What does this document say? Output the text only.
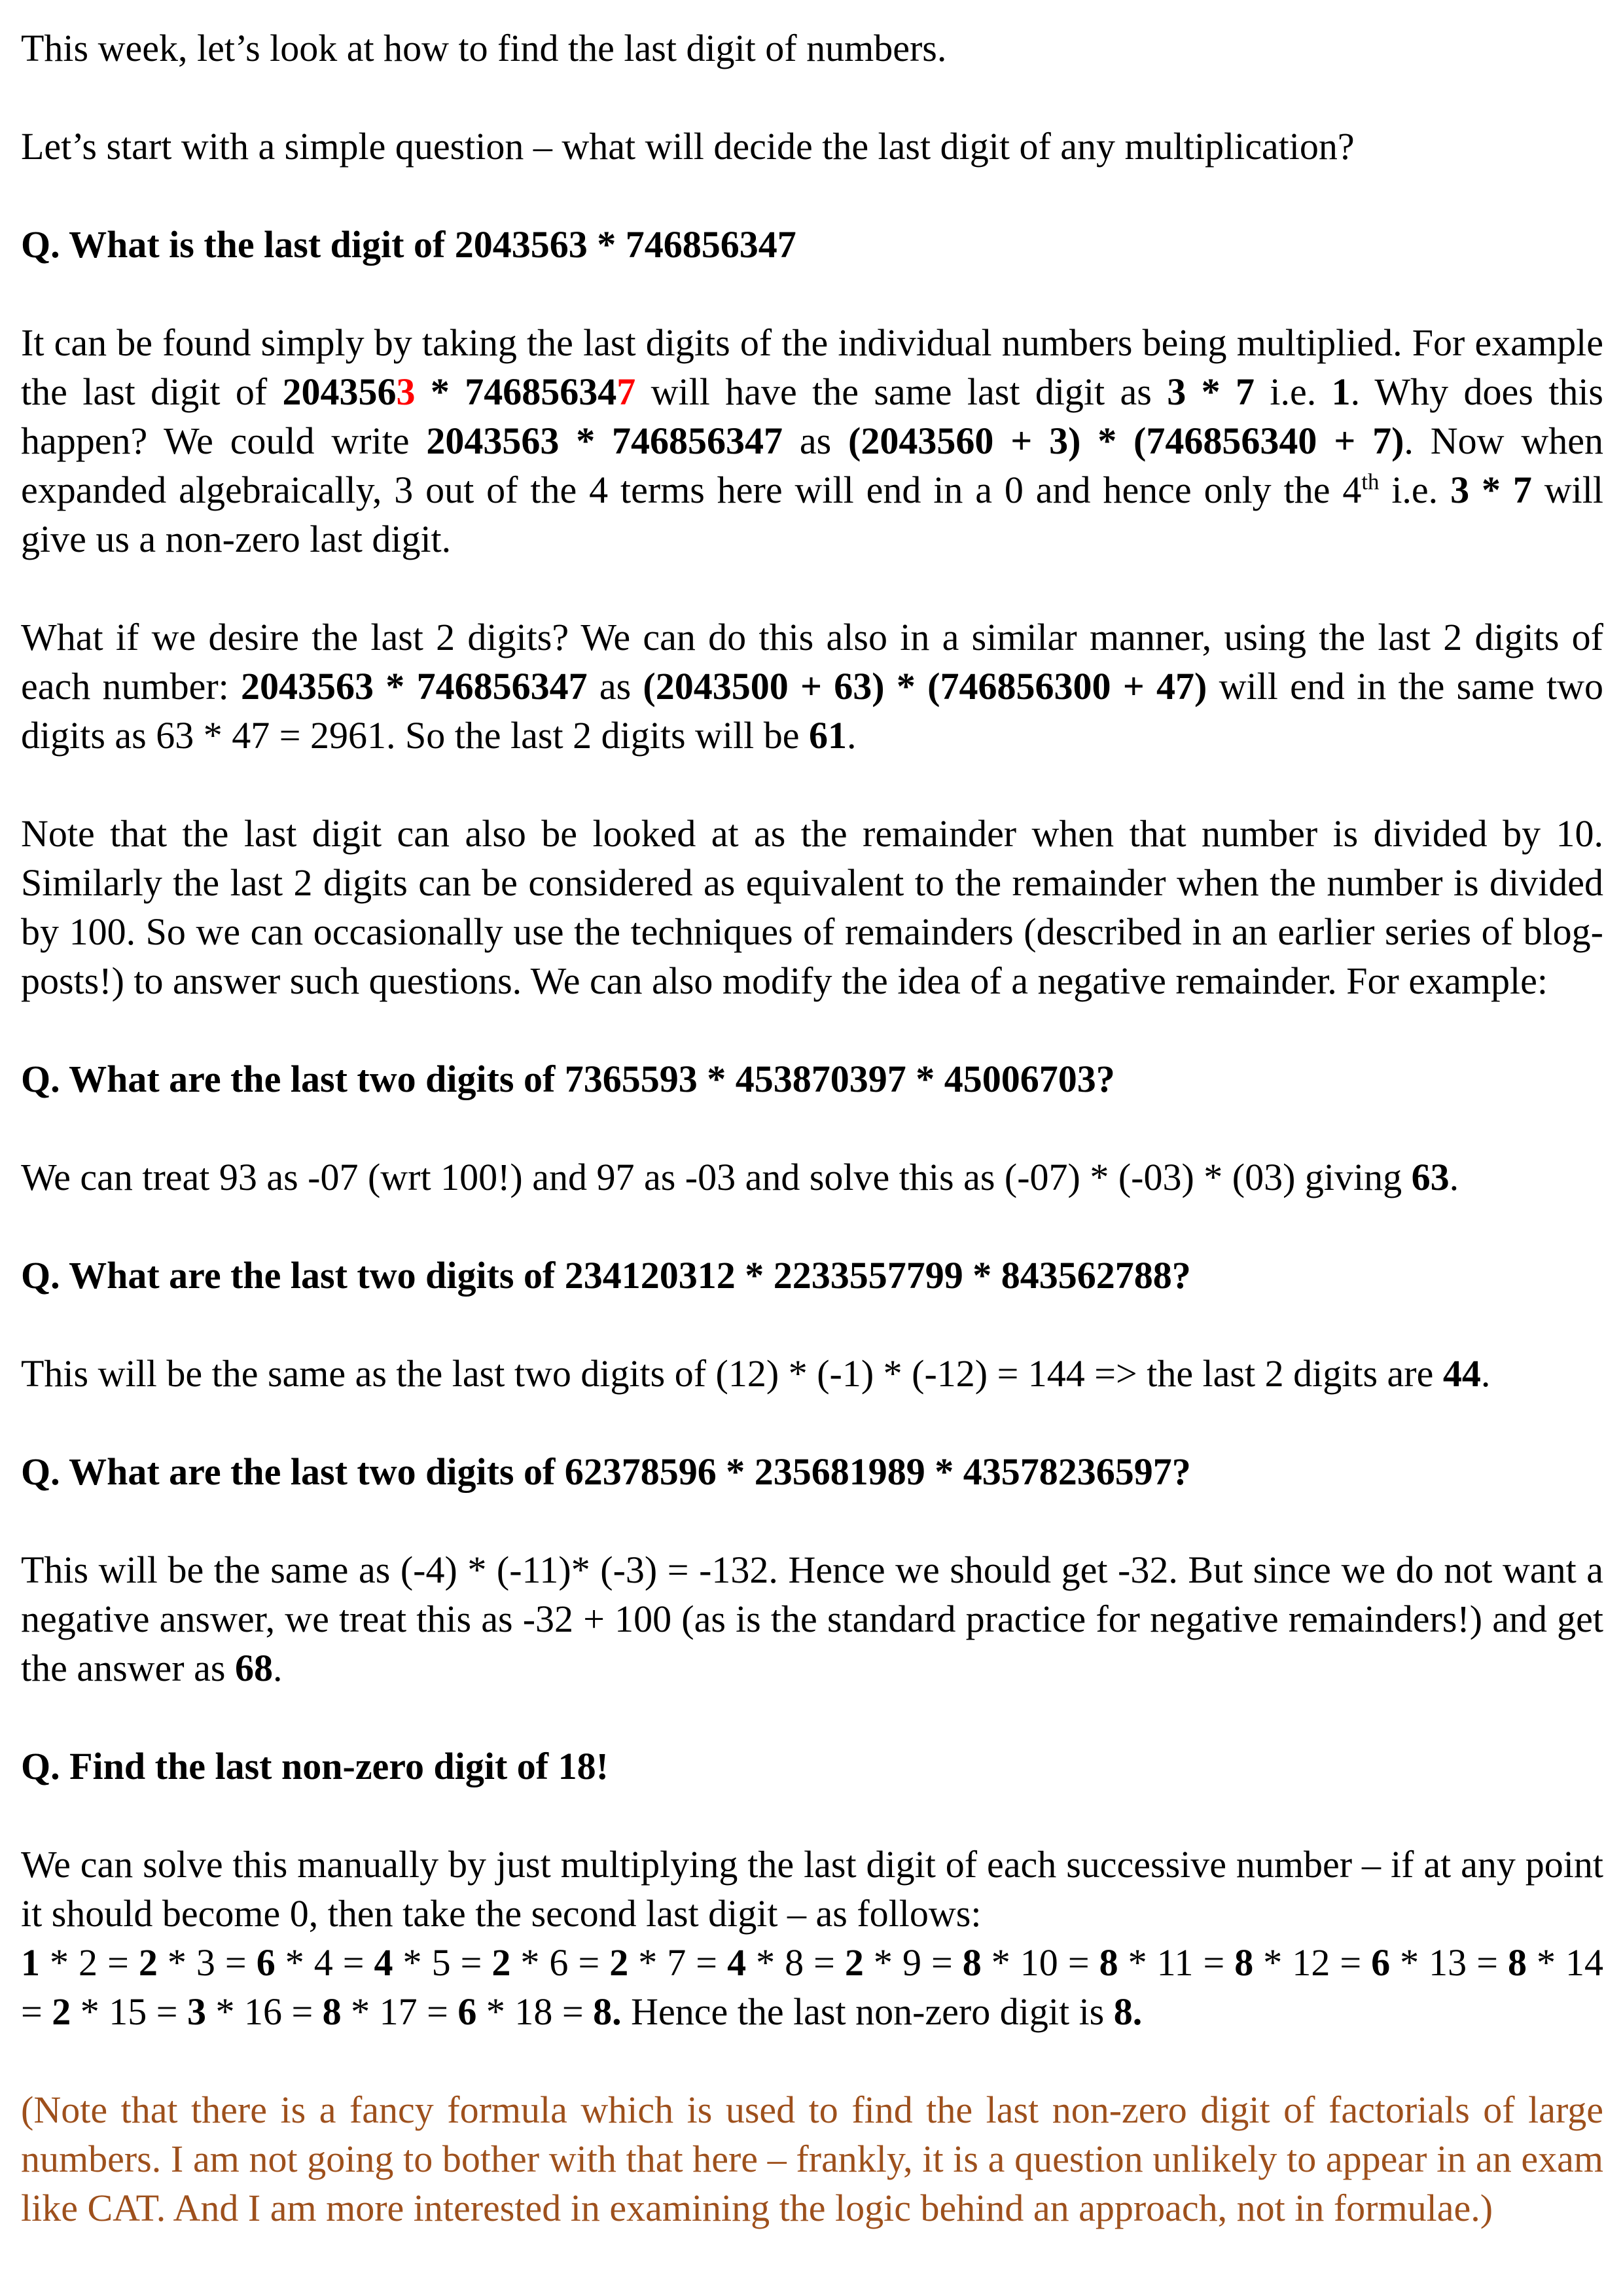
This week, let’s look at how to find the last digit of numbers.

Let’s start with a simple question – what will decide the last digit of any multiplication?

Q. What is the last digit of 2043563 * 746856347

It can be found simply by taking the last digits of the individual numbers being multiplied. For example the last digit of 2043563 * 746856347 will have the same last digit as 3 * 7 i.e. 1. Why does this happen? We could write 2043563 * 746856347 as (2043560 + 3) * (746856340 + 7). Now when expanded algebraically, 3 out of the 4 terms here will end in a 0 and hence only the 4th i.e. 3 * 7 will give us a non-zero last digit.

What if we desire the last 2 digits? We can do this also in a similar manner, using the last 2 digits of each number: 2043563 * 746856347 as (2043500 + 63) * (746856300 + 47) will end in the same two digits as 63 * 47 = 2961. So the last 2 digits will be 61.

Note that the last digit can also be looked at as the remainder when that number is divided by 10. Similarly the last 2 digits can be considered as equivalent to the remainder when the number is divided by 100. So we can occasionally use the techniques of remainders (described in an earlier series of blog-posts!) to answer such questions. We can also modify the idea of a negative remainder. For example:

Q. What are the last two digits of 7365593 * 453870397 * 45006703?

We can treat 93 as -07 (wrt 100!) and 97 as -03 and solve this as (-07) * (-03) * (03) giving 63.

Q. What are the last two digits of 234120312 * 2233557799 * 843562788?

This will be the same as the last two digits of (12) * (-1) * (-12) = 144 => the last 2 digits are 44.

Q. What are the last two digits of 62378596 * 235681989 * 43578236597?

This will be the same as (-4) * (-11)* (-3) = -132. Hence we should get -32. But since we do not want a negative answer, we treat this as -32 + 100 (as is the standard practice for negative remainders!) and get the answer as 68.

Q. Find the last non-zero digit of 18!

We can solve this manually by just multiplying the last digit of each successive number – if at any point it should become 0, then take the second last digit – as follows:
1 * 2 = 2 * 3 = 6 * 4 = 4 * 5 = 2 * 6 = 2 * 7 = 4 * 8 = 2 * 9 = 8 * 10 = 8 * 11 = 8 * 12 = 6 * 13 = 8 * 14 = 2 * 15 = 3 * 16 = 8 * 17 = 6 * 18 = 8. Hence the last non-zero digit is 8.

(Note that there is a fancy formula which is used to find the last non-zero digit of factorials of large numbers. I am not going to bother with that here – frankly, it is a question unlikely to appear in an exam like CAT. And I am more interested in examining the logic behind an approach, not in formulae.)
